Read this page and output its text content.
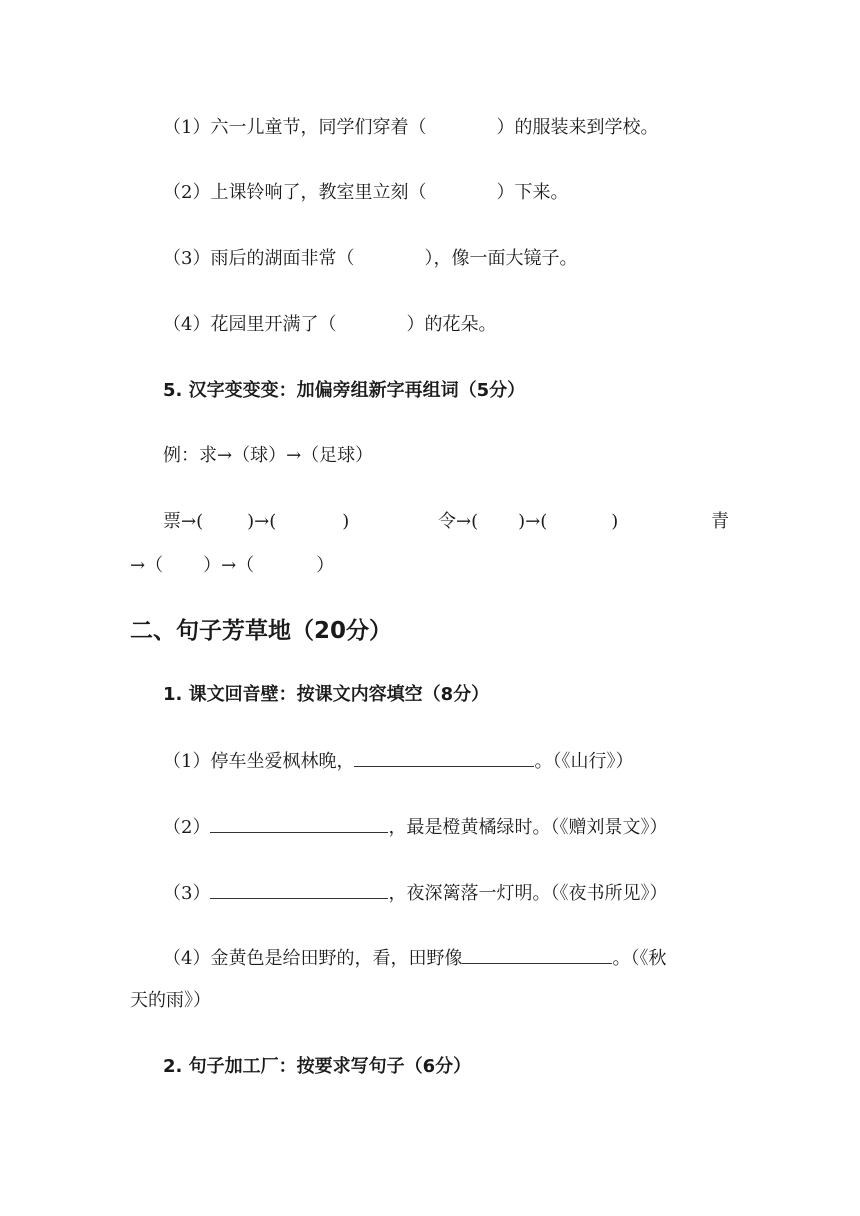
（1）六一儿童节，同学们穿着（	）的服装来到学校。
（2）上课铃响了，教室里立刻（	）下来。
（3）雨后的湖面非常（	），像一面大镜子。
（4）花园里开满了（	）的花朵。
5. 汉字变变变：加偏旁组新字再组词（5分）
例：求→（球）→（足球）
票→( )→(	)	令→( )→(	)	青
→（ ）→（	）
二、句子芳草地（20分）
1. 课文回音壁：按课文内容填空（8分）
（1）停车坐爱枫林晚，	。（《山行》）
（2）	，最是橙黄橘绿时。（《赠刘景文》）
（3）	，夜深篱落一灯明。（《夜书所见》）
（4）金黄色是给田野的，看，田野像	。（《秋
天的雨》）
2. 句子加工厂：按要求写句子（6分）
